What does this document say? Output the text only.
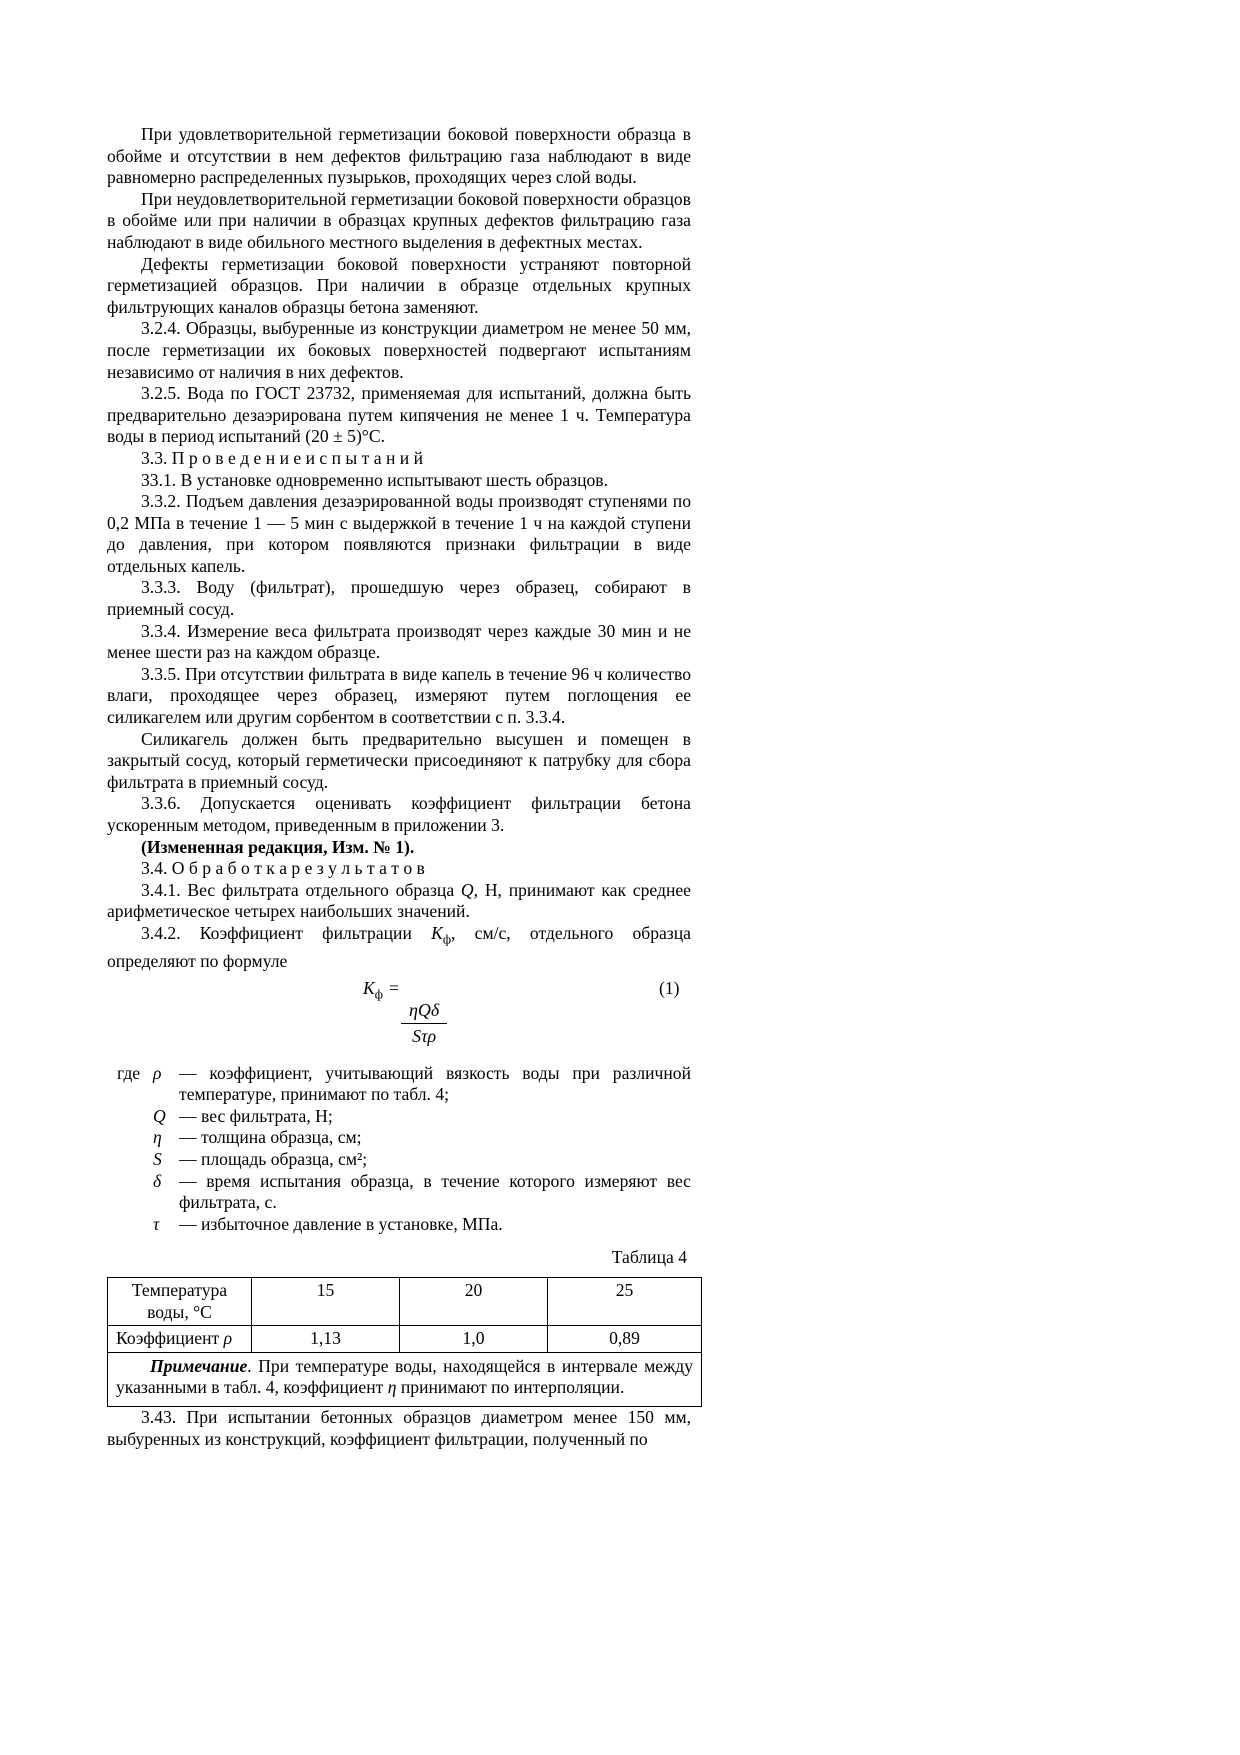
При удовлетворительной герметизации боковой поверхности образца в обойме и отсутствии в нем дефектов фильтрацию газа наблюдают в виде равномерно распределенных пузырьков, проходящих через слой воды.

При неудовлетворительной герметизации боковой поверхности образцов в обойме или при наличии в образцах крупных дефектов фильтрацию газа наблюдают в виде обильного местного выделения в дефектных местах.

Дефекты герметизации боковой поверхности устраняют повторной герметизацией образцов. При наличии в образце отдельных крупных фильтрующих каналов образцы бетона заменяют.

3.2.4. Образцы, выбуренные из конструкции диаметром не менее 50 мм, после герметизации их боковых поверхностей подвергают испытаниям независимо от наличия в них дефектов.

3.2.5. Вода по ГОСТ 23732, применяемая для испытаний, должна быть предварительно дезаэрирована путем кипячения не менее 1 ч. Температура воды в период испытаний (20 ± 5)°С.

3.3. П р о в е д е н и е и с п ы т а н и й

33.1. В установке одновременно испытывают шесть образцов.

3.3.2. Подъем давления дезаэрированной воды производят ступенями по 0,2 МПа в течение 1 — 5 мин с выдержкой в течение 1 ч на каждой ступени до давления, при котором появляются признаки фильтрации в виде отдельных капель.

3.3.3. Воду (фильтрат), прошедшую через образец, собирают в приемный сосуд.

3.3.4. Измерение веса фильтрата производят через каждые 30 мин и не менее шести раз на каждом образце.

3.3.5. При отсутствии фильтрата в виде капель в течение 96 ч количество влаги, проходящее через образец, измеряют путем поглощения ее силикагелем или другим сорбентом в соответствии с п. 3.3.4.

Силикагель должен быть предварительно высушен и помещен в закрытый сосуд, который герметически присоединяют к патрубку для сбора фильтрата в приемный сосуд.

3.3.6. Допускается оценивать коэффициент фильтрации бетона ускоренным методом, приведенным в приложении 3.

(Измененная редакция, Изм. № 1).

3.4. О б р а б о т к а р е з у л ь т а т о в

3.4.1. Вес фильтрата отдельного образца Q, Н, принимают как среднее арифметическое четырех наибольших значений.

3.4.2. Коэффициент фильтрации $K_ф$, см/с, отдельного образца определяют по формуле

$K_ф$ =
ηQδ
Sτρ
(1)
где ρ — коэффициент, учитывающий вязкость воды при различной температуре, принимают по табл. 4;
Q — вес фильтрата, Н;
η — толщина образца, см;
S — площадь образца, см²;
δ	— время испытания образца, в течение которого измеряют вес фильтрата, с.
τ	— избыточное давление в установке, МПа.
Таблица 4
Температура воды, °С	15	20	25
Коэффициент ρ	1,13	1,0	0,89
Примечание. При температуре воды, находящейся в интервале между указанными в табл. 4, коэффициент η принимают по интерполяции.			

3.43. При испытании бетонных образцов диаметром менее 150 мм, выбуренных из конструкций, коэффициент фильтрации, полученный по
